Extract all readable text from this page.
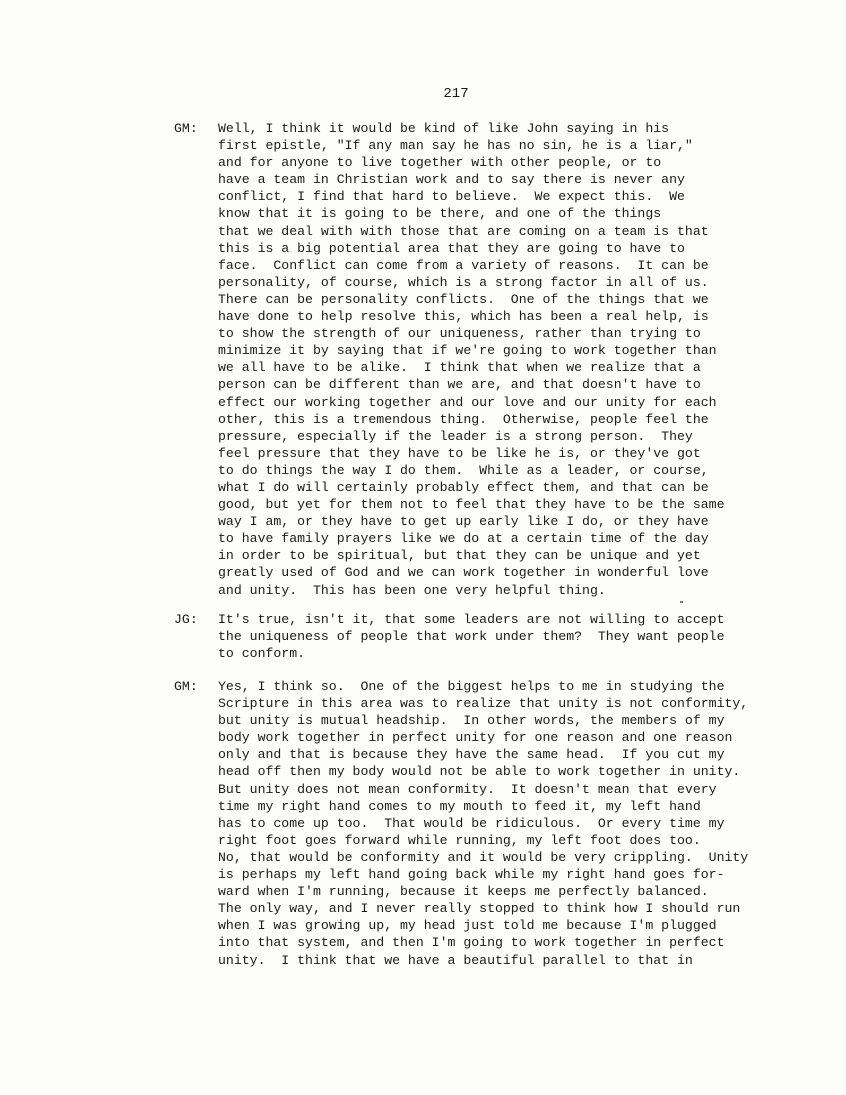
217
GM: Well, I think it would be kind of like John saying in his
first epistle, "If any man say he has no sin, he is a liar,"
and for anyone to live together with other people, or to
have a team in Christian work and to say there is never any
conflict, I find that hard to believe.  We expect this.  We
know that it is going to be there, and one of the things
that we deal with with those that are coming on a team is that
this is a big potential area that they are going to have to
face.  Conflict can come from a variety of reasons.  It can be
personality, of course, which is a strong factor in all of us.
There can be personality conflicts.  One of the things that we
have done to help resolve this, which has been a real help, is
to show the strength of our uniqueness, rather than trying to
minimize it by saying that if we're going to work together than
we all have to be alike.  I think that when we realize that a
person can be different than we are, and that doesn't have to
effect our working together and our love and our unity for each
other, this is a tremendous thing.  Otherwise, people feel the
pressure, especially if the leader is a strong person.  They
feel pressure that they have to be like he is, or they've got
to do things the way I do them.  While as a leader, or course,
what I do will certainly probably effect them, and that can be
good, but yet for them not to feel that they have to be the same
way I am, or they have to get up early like I do, or they have
to have family prayers like we do at a certain time of the day
in order to be spiritual, but that they can be unique and yet
greatly used of God and we can work together in wonderful love
and unity.  This has been one very helpful thing.
JG: It's true, isn't it, that some leaders are not willing to accept
the uniqueness of people that work under them?  They want people
to conform.
GM: Yes, I think so.  One of the biggest helps to me in studying the
Scripture in this area was to realize that unity is not conformity,
but unity is mutual headship.  In other words, the members of my
body work together in perfect unity for one reason and one reason
only and that is because they have the same head.  If you cut my
head off then my body would not be able to work together in unity.
But unity does not mean conformity.  It doesn't mean that every
time my right hand comes to my mouth to feed it, my left hand
has to come up too.  That would be ridiculous.  Or every time my
right foot goes forward while running, my left foot does too.
No, that would be conformity and it would be very crippling.  Unity
is perhaps my left hand going back while my right hand goes for-
ward when I'm running, because it keeps me perfectly balanced.
The only way, and I never really stopped to think how I should run
when I was growing up, my head just told me because I'm plugged
into that system, and then I'm going to work together in perfect
unity.  I think that we have a beautiful parallel to that in
